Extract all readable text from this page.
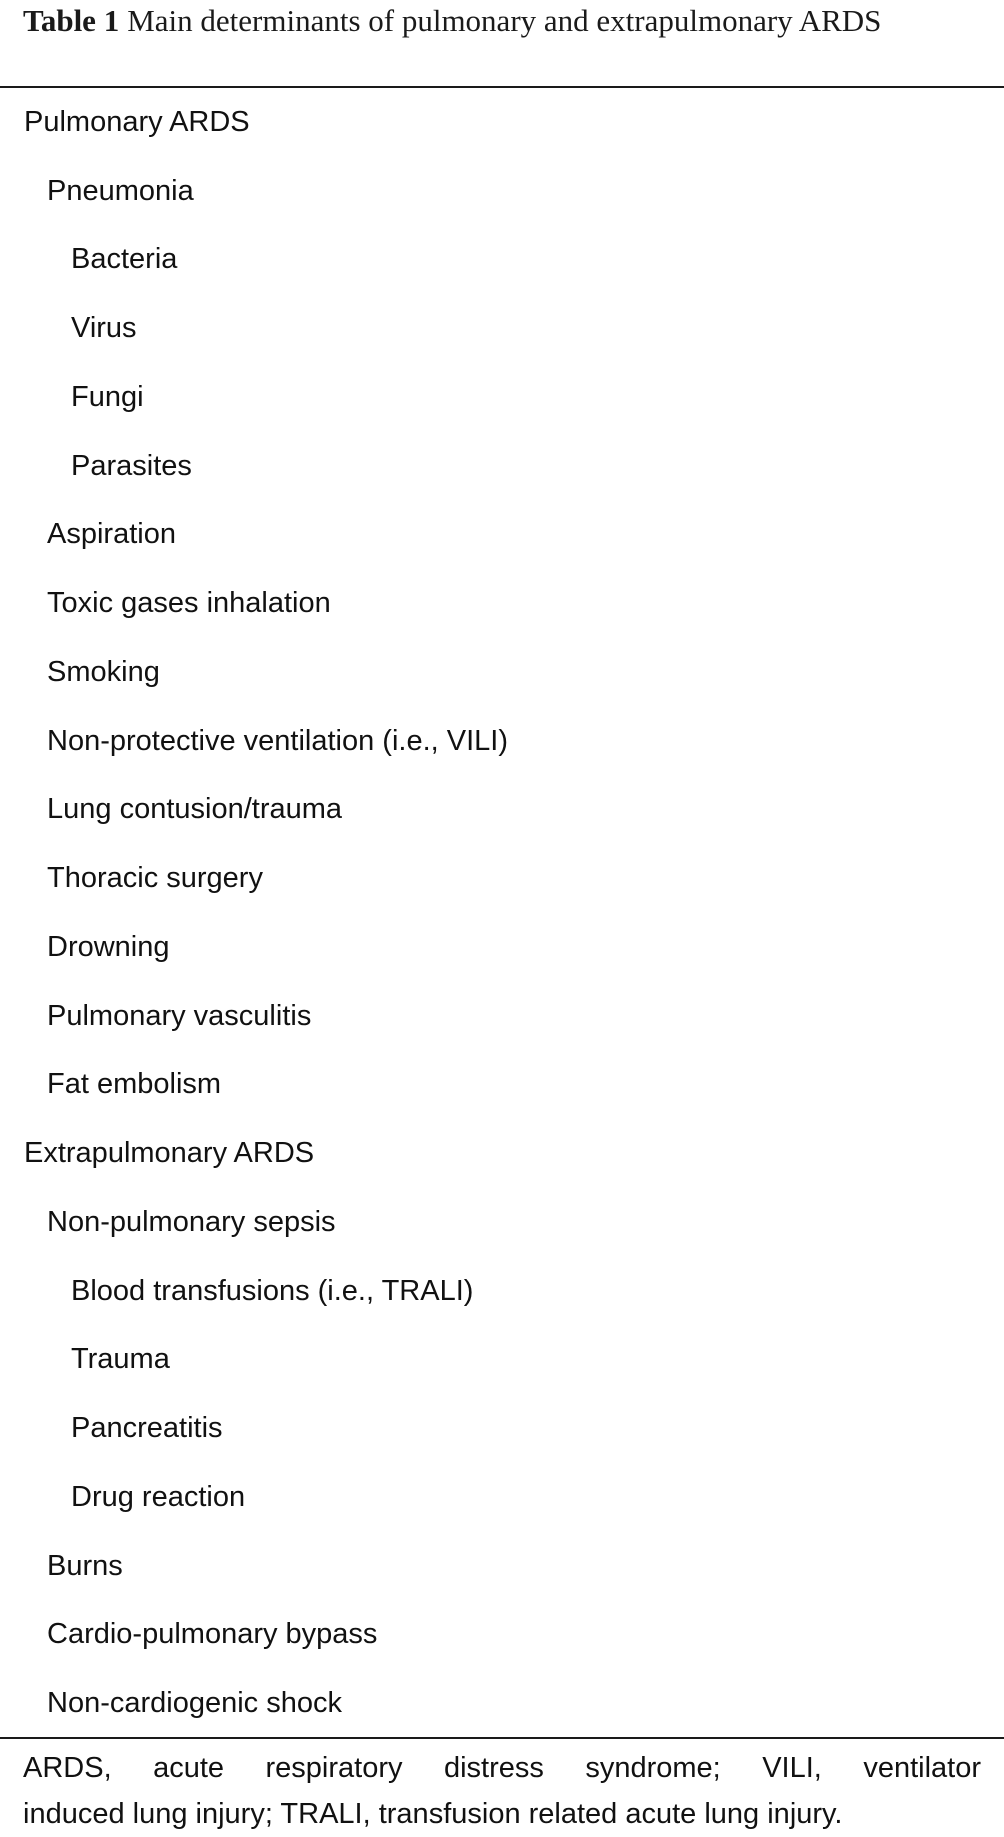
Table 1 Main determinants of pulmonary and extrapulmonary ARDS
Pulmonary ARDS
Pneumonia
Bacteria
Virus
Fungi
Parasites
Aspiration
Toxic gases inhalation
Smoking
Non-protective ventilation (i.e., VILI)
Lung contusion/trauma
Thoracic surgery
Drowning
Pulmonary vasculitis
Fat embolism
Extrapulmonary ARDS
Non-pulmonary sepsis
Blood transfusions (i.e., TRALI)
Trauma
Pancreatitis
Drug reaction
Burns
Cardio-pulmonary bypass
Non-cardiogenic shock
ARDS, acute respiratory distress syndrome; VILI, ventilator
induced lung injury; TRALI, transfusion related acute lung injury.
